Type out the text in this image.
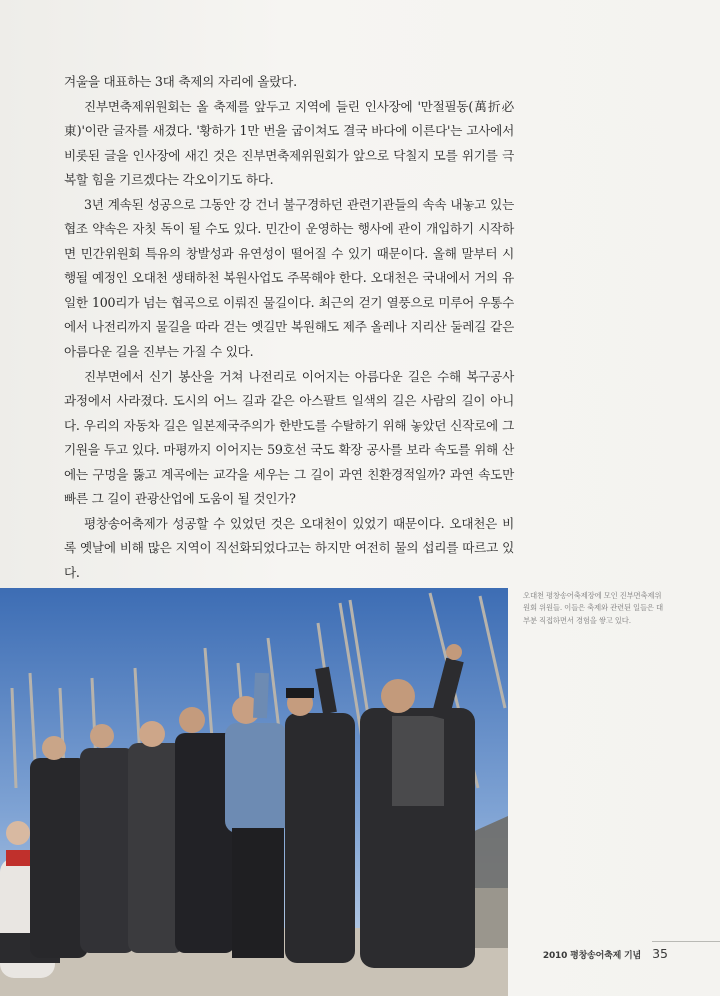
겨울을 대표하는 3대 축제의 자리에 올랐다.

진부면축제위원회는 올 축제를 앞두고 지역에 들린 인사장에 '만절필동(萬折必東)'이란 글자를 새겼다. '황하가 1만 번을 굽이쳐도 결국 바다에 이른다'는 고사에서 비롯된 글을 인사장에 새긴 것은 진부면축제위원회가 앞으로 닥칠지 모를 위기를 극복할 힘을 기르겠다는 각오이기도 하다.

3년 계속된 성공으로 그동안 강 건너 불구경하던 관련기관들의 속속 내놓고 있는 협조 약속은 자칫 독이 될 수도 있다. 민간이 운영하는 행사에 관이 개입하기 시작하면 민간위원회 특유의 창발성과 유연성이 떨어질 수 있기 때문이다. 올해 말부터 시행될 예정인 오대천 생태하천 복원사업도 주목해야 한다. 오대천은 국내에서 거의 유일한 100리가 넘는 협곡으로 이뤄진 물길이다. 최근의 걷기 열풍으로 미루어 우통수에서 나전리까지 물길을 따라 걷는 옛길만 복원해도 제주 올레나 지리산 둘레길 같은 아름다운 길을 진부는 가질 수 있다.

진부면에서 신기 봉산을 거쳐 나전리로 이어지는 아름다운 길은 수해 복구공사 과정에서 사라졌다. 도시의 어느 길과 같은 아스팔트 일색의 길은 사람의 길이 아니다. 우리의 자동차 길은 일본제국주의가 한반도를 수탈하기 위해 놓았던 신작로에 그 기원을 두고 있다. 마평까지 이어지는 59호선 국도 확장 공사를 보라 속도를 위해 산에는 구멍을 뚫고 계곡에는 교각을 세우는 그 길이 과연 친환경적일까? 과연 속도만 빠른 그 길이 관광산업에 도움이 될 것인가?

평창송어축제가 성공할 수 있었던 것은 오대천이 있었기 때문이다. 오대천은 비록 옛날에 비해 많은 지역이 직선화되었다고는 하지만 여전히 물의 섭리를 따르고 있다.

오대천 평창송어축제장에 모인 진부면축제위원회 위원들. 이들은 축제와 관련된 일들은 대부분 직접하면서 경험을 쌓고 있다.
2010 평창송어축제 기념 35
